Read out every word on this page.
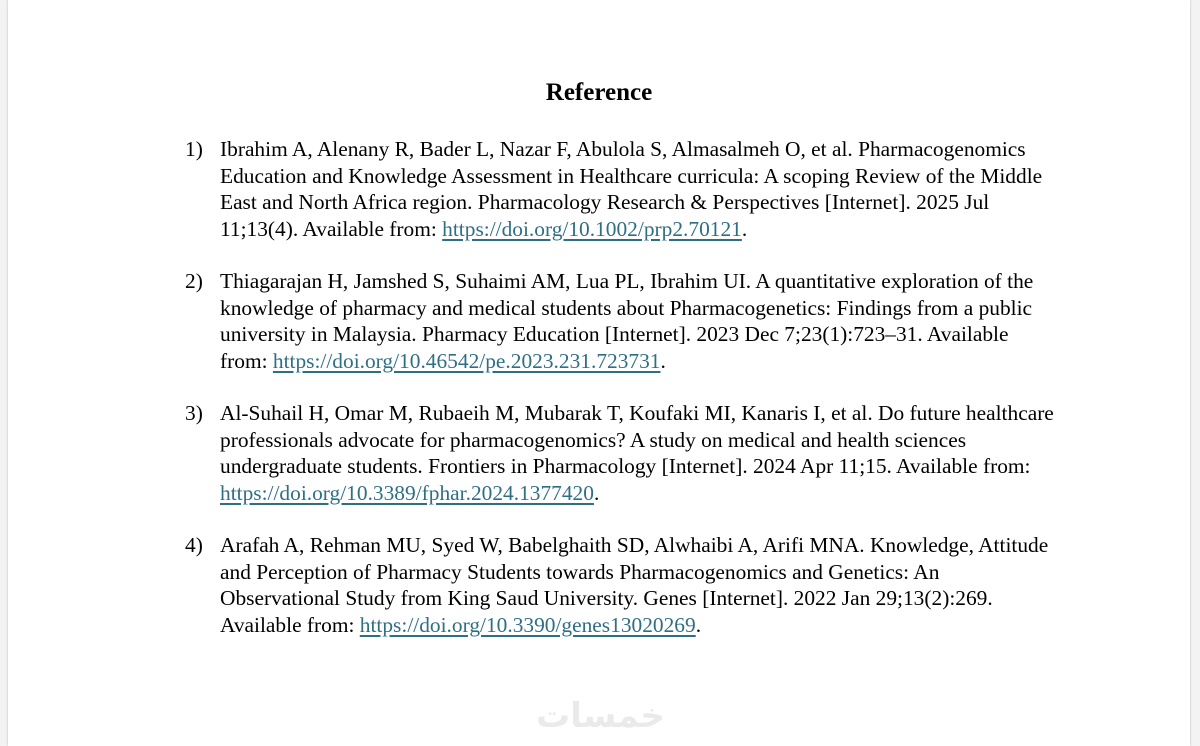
Reference
1) Ibrahim A, Alenany R, Bader L, Nazar F, Abulola S, Almasalmeh O, et al. Pharmacogenomics Education and Knowledge Assessment in Healthcare curricula: A scoping Review of the Middle East and North Africa region. Pharmacology Research & Perspectives [Internet]. 2025 Jul 11;13(4). Available from: https://doi.org/10.1002/prp2.70121.
2) Thiagarajan H, Jamshed S, Suhaimi AM, Lua PL, Ibrahim UI. A quantitative exploration of the knowledge of pharmacy and medical students about Pharmacogenetics: Findings from a public university in Malaysia. Pharmacy Education [Internet]. 2023 Dec 7;23(1):723–31. Available from: https://doi.org/10.46542/pe.2023.231.723731.
3) Al-Suhail H, Omar M, Rubaeih M, Mubarak T, Koufaki MI, Kanaris I, et al. Do future healthcare professionals advocate for pharmacogenomics? A study on medical and health sciences undergraduate students. Frontiers in Pharmacology [Internet]. 2024 Apr 11;15. Available from: https://doi.org/10.3389/fphar.2024.1377420.
4) Arafah A, Rehman MU, Syed W, Babelghaith SD, Alwhaibi A, Arifi MNA. Knowledge, Attitude and Perception of Pharmacy Students towards Pharmacogenomics and Genetics: An Observational Study from King Saud University. Genes [Internet]. 2022 Jan 29;13(2):269. Available from: https://doi.org/10.3390/genes13020269.
خمسات
